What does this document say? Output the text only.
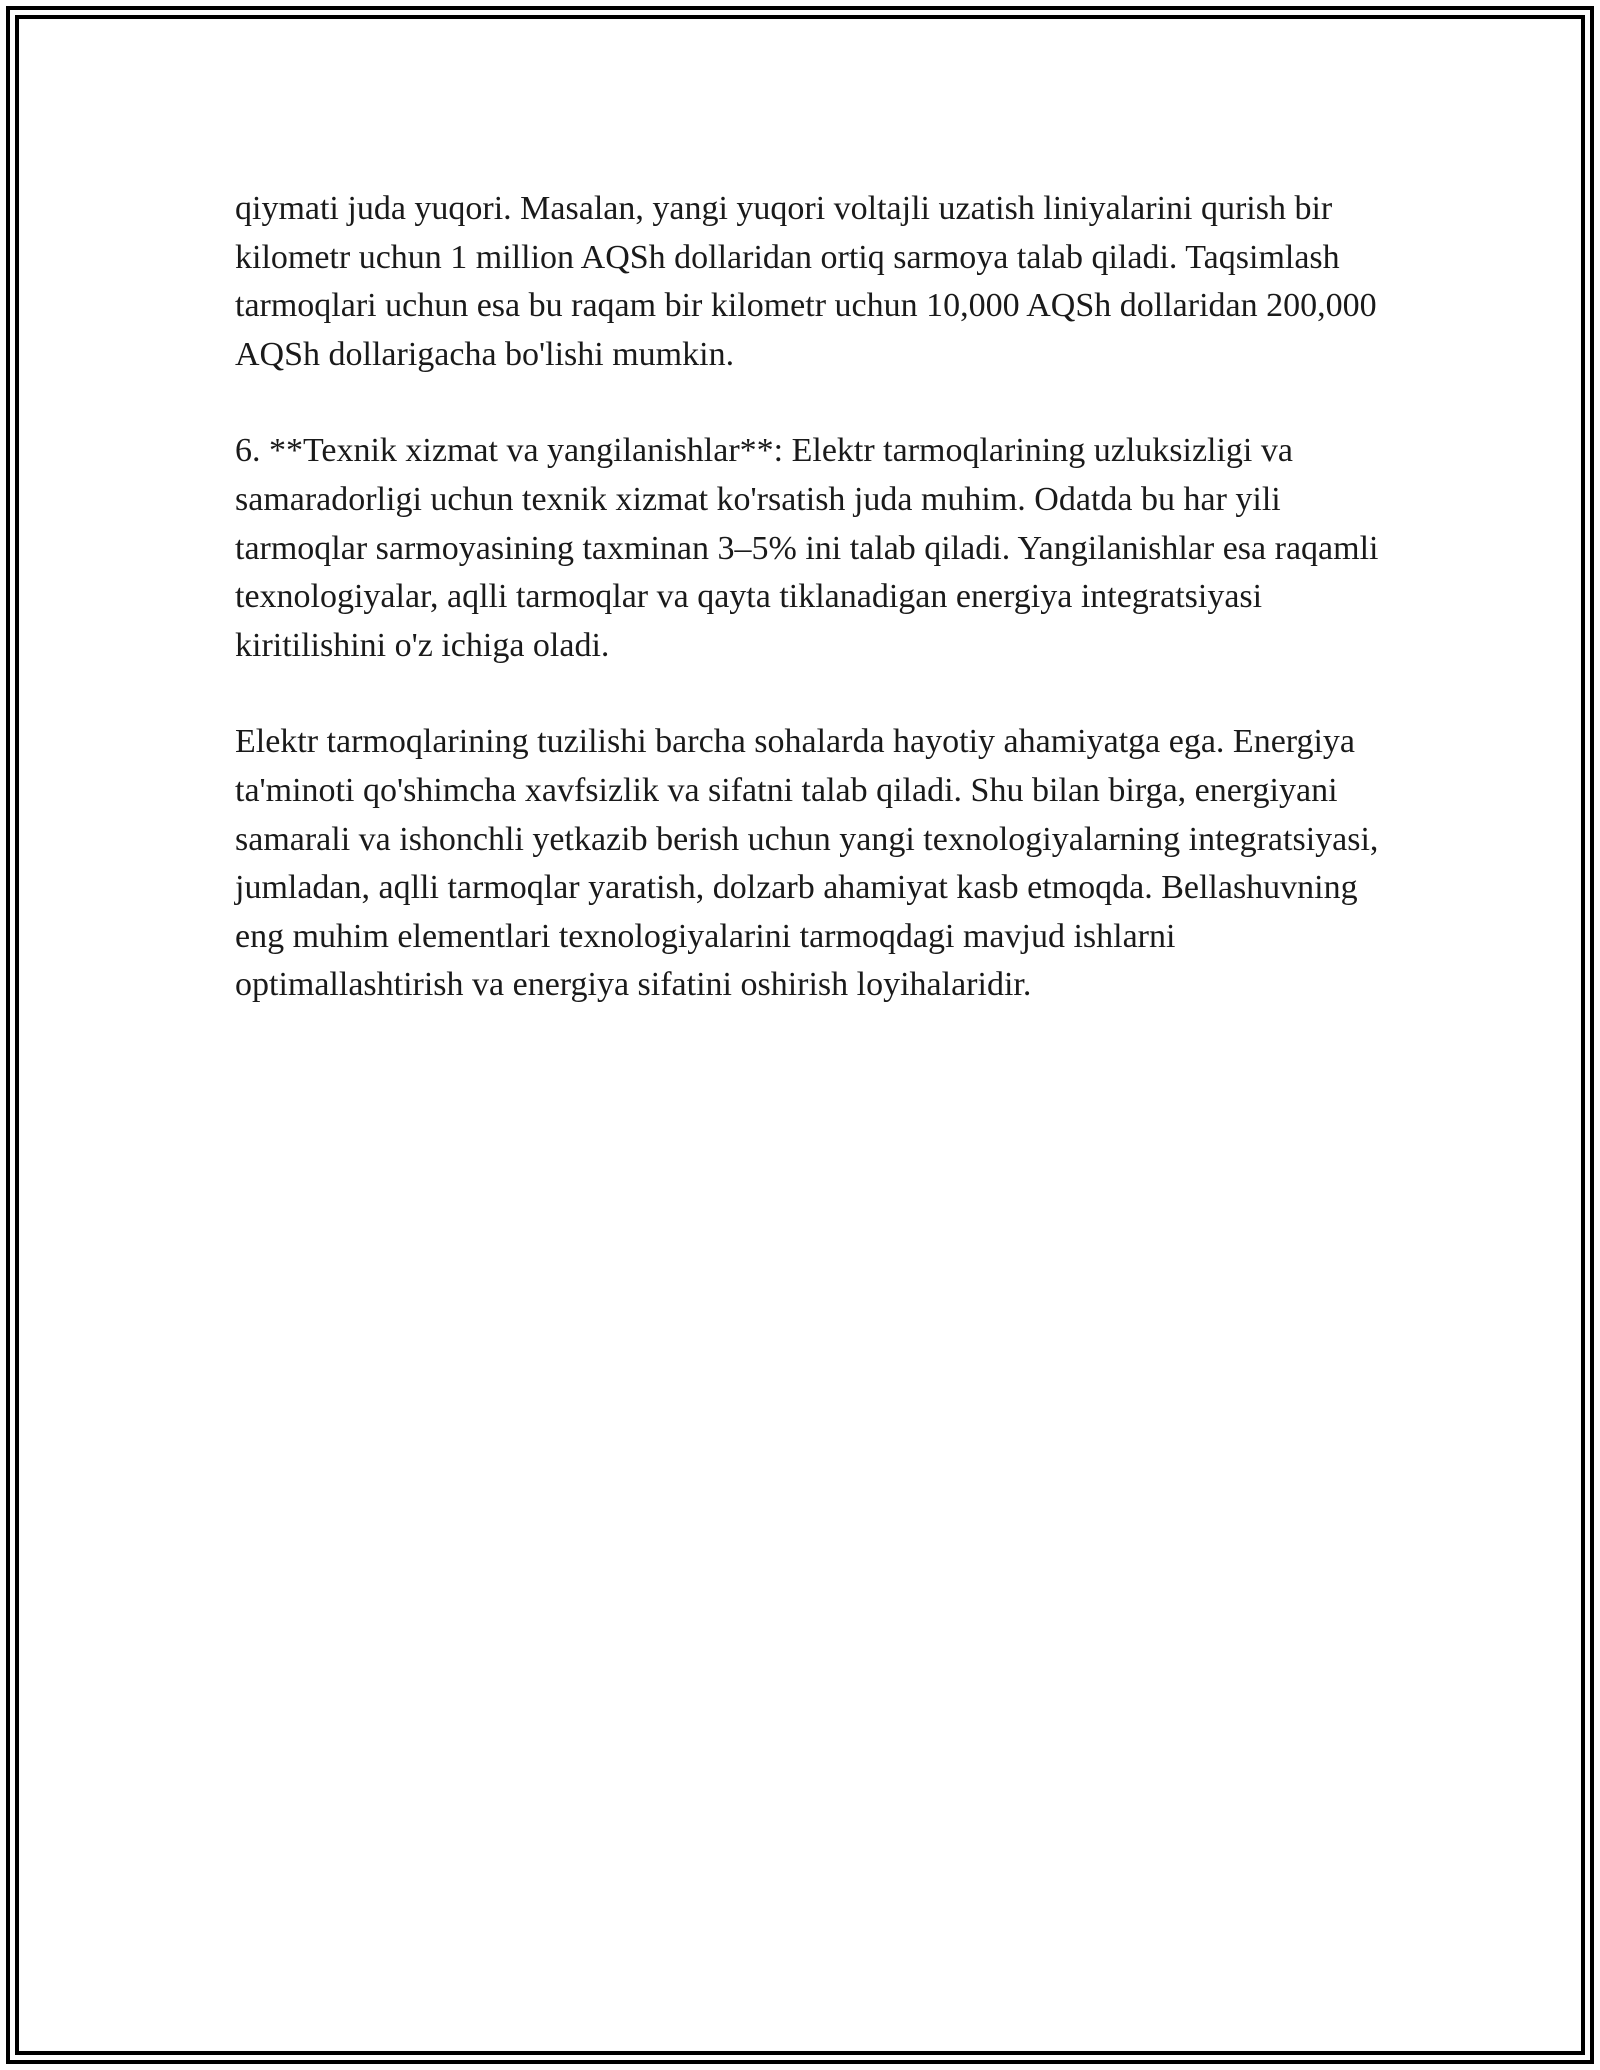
qiymati juda yuqori. Masalan, yangi yuqori voltajli uzatish liniyalarini qurish bir kilometr uchun 1 million AQSh dollaridan ortiq sarmoya talab qiladi. Taqsimlash tarmoqlari uchun esa bu raqam bir kilometr uchun 10,000 AQSh dollaridan 200,000 AQSh dollarigacha bo'lishi mumkin.

6. **Texnik xizmat va yangilanishlar**: Elektr tarmoqlarining uzluksizligi va samaradorligi uchun texnik xizmat ko'rsatish juda muhim. Odatda bu har yili tarmoqlar sarmoyasining taxminan 3–5% ini talab qiladi. Yangilanishlar esa raqamli texnologiyalar, aqlli tarmoqlar va qayta tiklanadigan energiya integratsiyasi kiritilishini o'z ichiga oladi.

Elektr tarmoqlarining tuzilishi barcha sohalarda hayotiy ahamiyatga ega. Energiya ta'minoti qo'shimcha xavfsizlik va sifatni talab qiladi. Shu bilan birga, energiyani samarali va ishonchli yetkazib berish uchun yangi texnologiyalarning integratsiyasi, jumladan, aqlli tarmoqlar yaratish, dolzarb ahamiyat kasb etmoqda. Bellashuvning eng muhim elementlari texnologiyalarini tarmoqdagi mavjud ishlarni optimallashtirish va energiya sifatini oshirish loyihalaridir.
